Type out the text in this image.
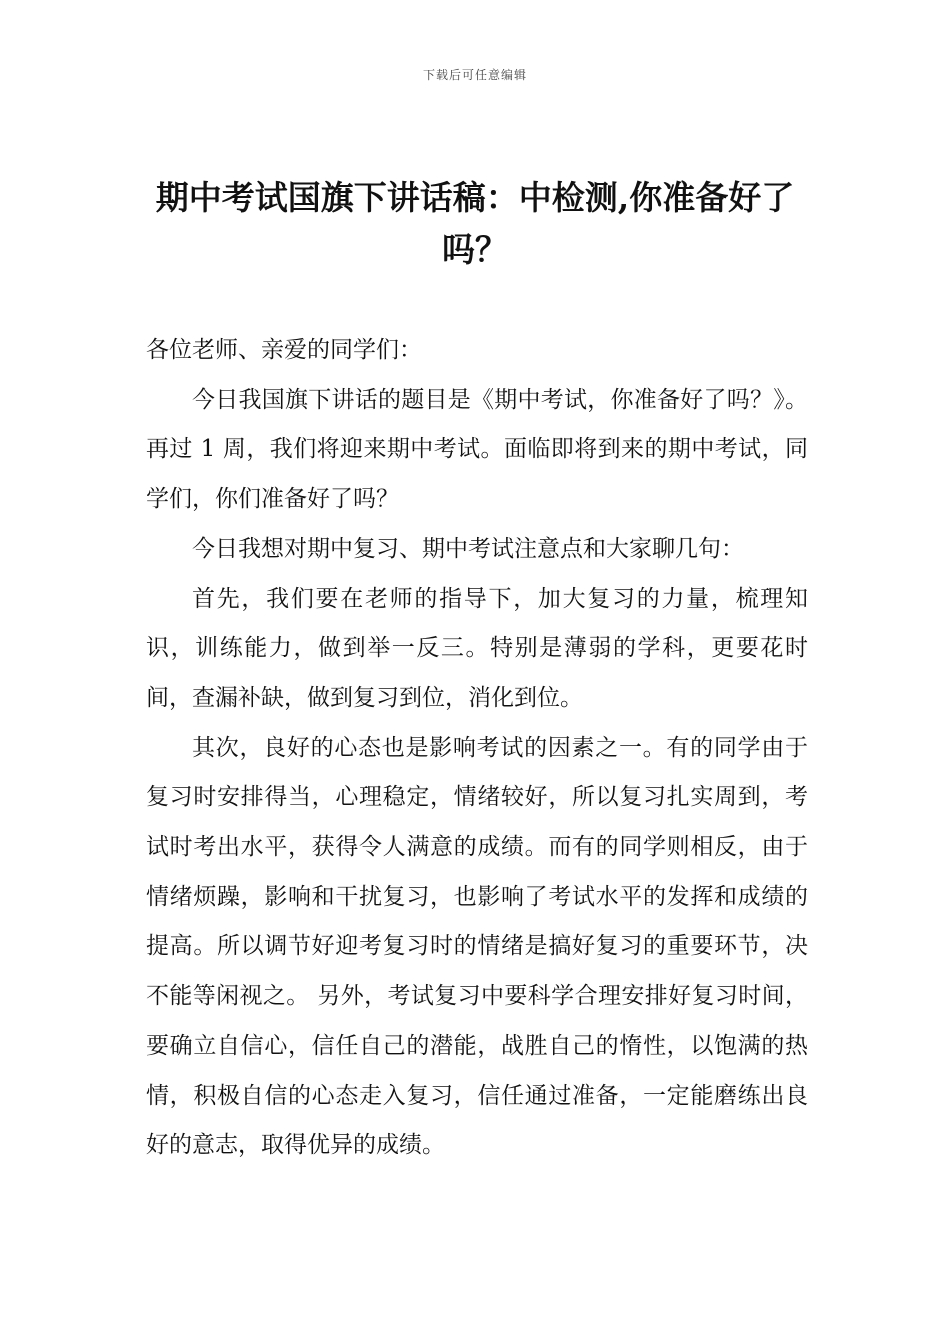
下载后可任意编辑
期中考试国旗下讲话稿：中检测,你准备好了吗？

各位老师、亲爱的同学们：

今日我国旗下讲话的题目是《期中考试，你准备好了吗？》。 再过 1 周，我们将迎来期中考试。面临即将到来的期中考试，同学们，你们准备好了吗？

今日我想对期中复习、期中考试注意点和大家聊几句：

首先，我们要在老师的指导下，加大复习的力量，梳理知识，训练能力，做到举一反三。特别是薄弱的学科，更要花时间，查漏补缺，做到复习到位，消化到位。

其次，良好的心态也是影响考试的因素之一。有的同学由于复习时安排得当，心理稳定，情绪较好，所以复习扎实周到，考试时考出水平，获得令人满意的成绩。而有的同学则相反，由于情绪烦躁，影响和干扰复习，也影响了考试水平的发挥和成绩的提高。所以调节好迎考复习时的情绪是搞好复习的重要环节，决不能等闲视之。 另外，考试复习中要科学合理安排好复习时间，要确立自信心，信任自己的潜能，战胜自己的惰性，以饱满的热情，积极自信的心态走入复习，信任通过准备，一定能磨练出良好的意志，取得优异的成绩。
